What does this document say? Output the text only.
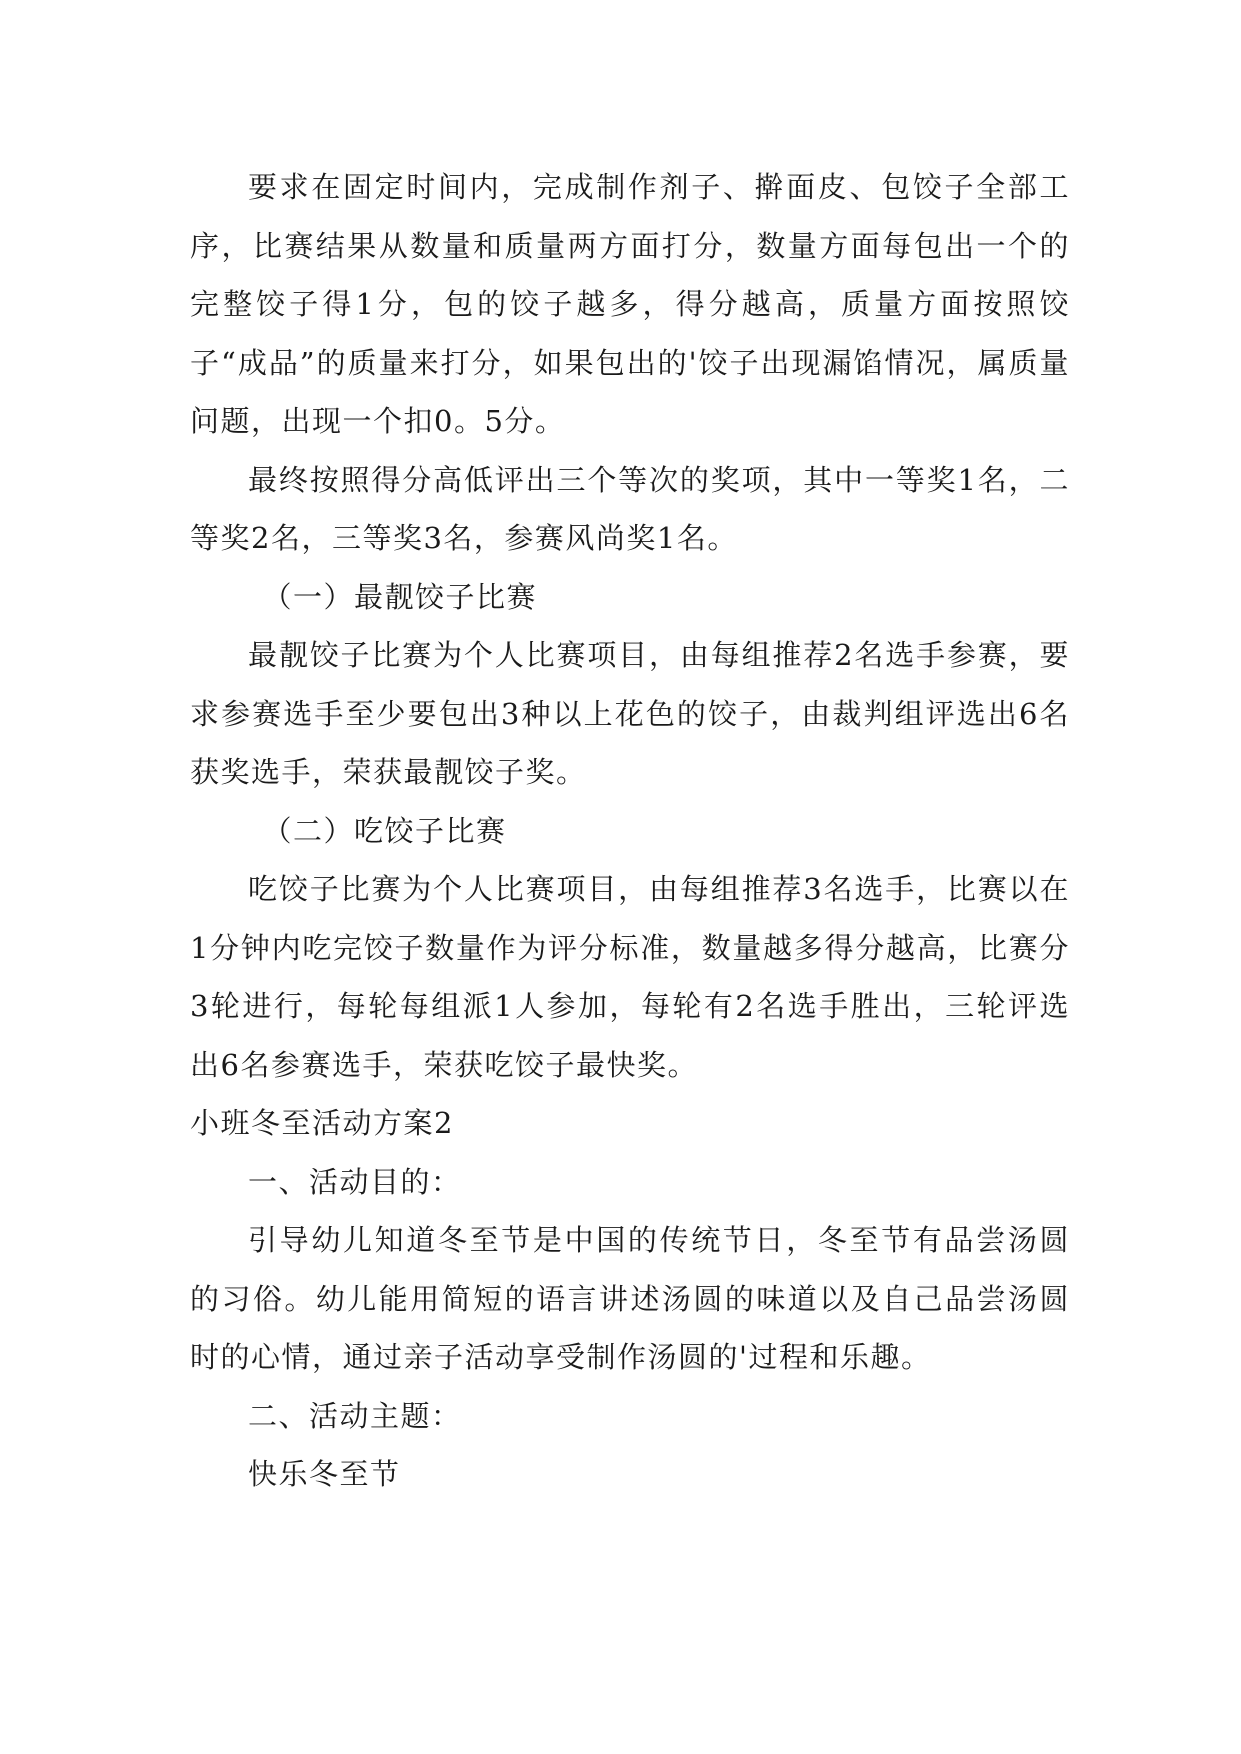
要求在固定时间内，完成制作剂子、擀面皮、包饺子全部工序，比赛结果从数量和质量两方面打分，数量方面每包出一个的完整饺子得1分，包的饺子越多，得分越高，质量方面按照饺子“成品”的质量来打分，如果包出的'饺子出现漏馅情况，属质量问题，出现一个扣0。5分。

最终按照得分高低评出三个等次的奖项，其中一等奖1名，二等奖2名，三等奖3名，参赛风尚奖1名。

（一）最靓饺子比赛

最靓饺子比赛为个人比赛项目，由每组推荐2名选手参赛，要求参赛选手至少要包出3种以上花色的饺子，由裁判组评选出6名获奖选手，荣获最靓饺子奖。

（二）吃饺子比赛

吃饺子比赛为个人比赛项目，由每组推荐3名选手，比赛以在1分钟内吃完饺子数量作为评分标准，数量越多得分越高，比赛分3轮进行，每轮每组派1人参加，每轮有2名选手胜出，三轮评选出6名参赛选手，荣获吃饺子最快奖。

小班冬至活动方案2

一、活动目的：

引导幼儿知道冬至节是中国的传统节日，冬至节有品尝汤圆的习俗。幼儿能用简短的语言讲述汤圆的味道以及自己品尝汤圆时的心情，通过亲子活动享受制作汤圆的'过程和乐趣。

二、活动主题：

快乐冬至节
